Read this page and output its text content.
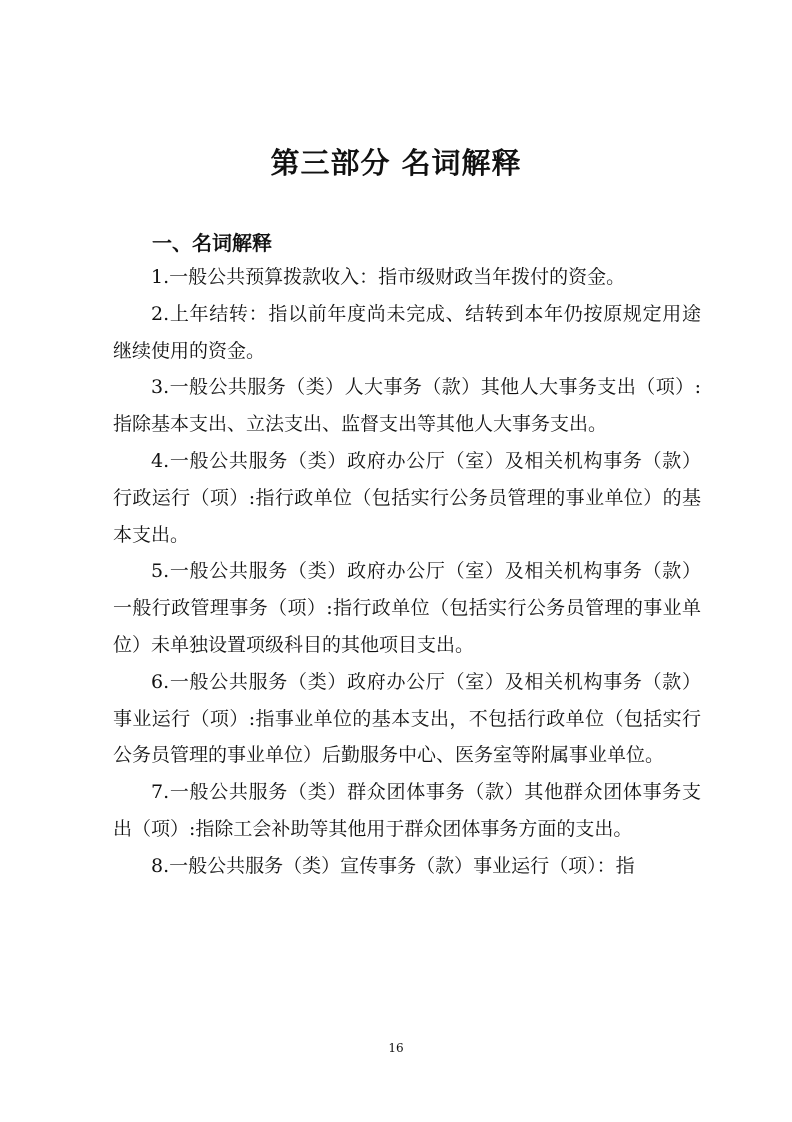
第三部分 名词解释
一、名词解释

1.一般公共预算拨款收入：指市级财政当年拨付的资金。

2.上年结转：指以前年度尚未完成、结转到本年仍按原规定用途继续使用的资金。

3.一般公共服务（类）人大事务（款）其他人大事务支出（项）:指除基本支出、立法支出、监督支出等其他人大事务支出。

4.一般公共服务（类）政府办公厅（室）及相关机构事务（款）行政运行（项）:指行政单位（包括实行公务员管理的事业单位）的基本支出。

5.一般公共服务（类）政府办公厅（室）及相关机构事务（款）一般行政管理事务（项）:指行政单位（包括实行公务员管理的事业单位）未单独设置项级科目的其他项目支出。

6.一般公共服务（类）政府办公厅（室）及相关机构事务（款）事业运行（项）:指事业单位的基本支出，不包括行政单位（包括实行公务员管理的事业单位）后勤服务中心、医务室等附属事业单位。

7.一般公共服务（类）群众团体事务（款）其他群众团体事务支出（项）:指除工会补助等其他用于群众团体事务方面的支出。

8.一般公共服务（类）宣传事务（款）事业运行（项）：指

16
